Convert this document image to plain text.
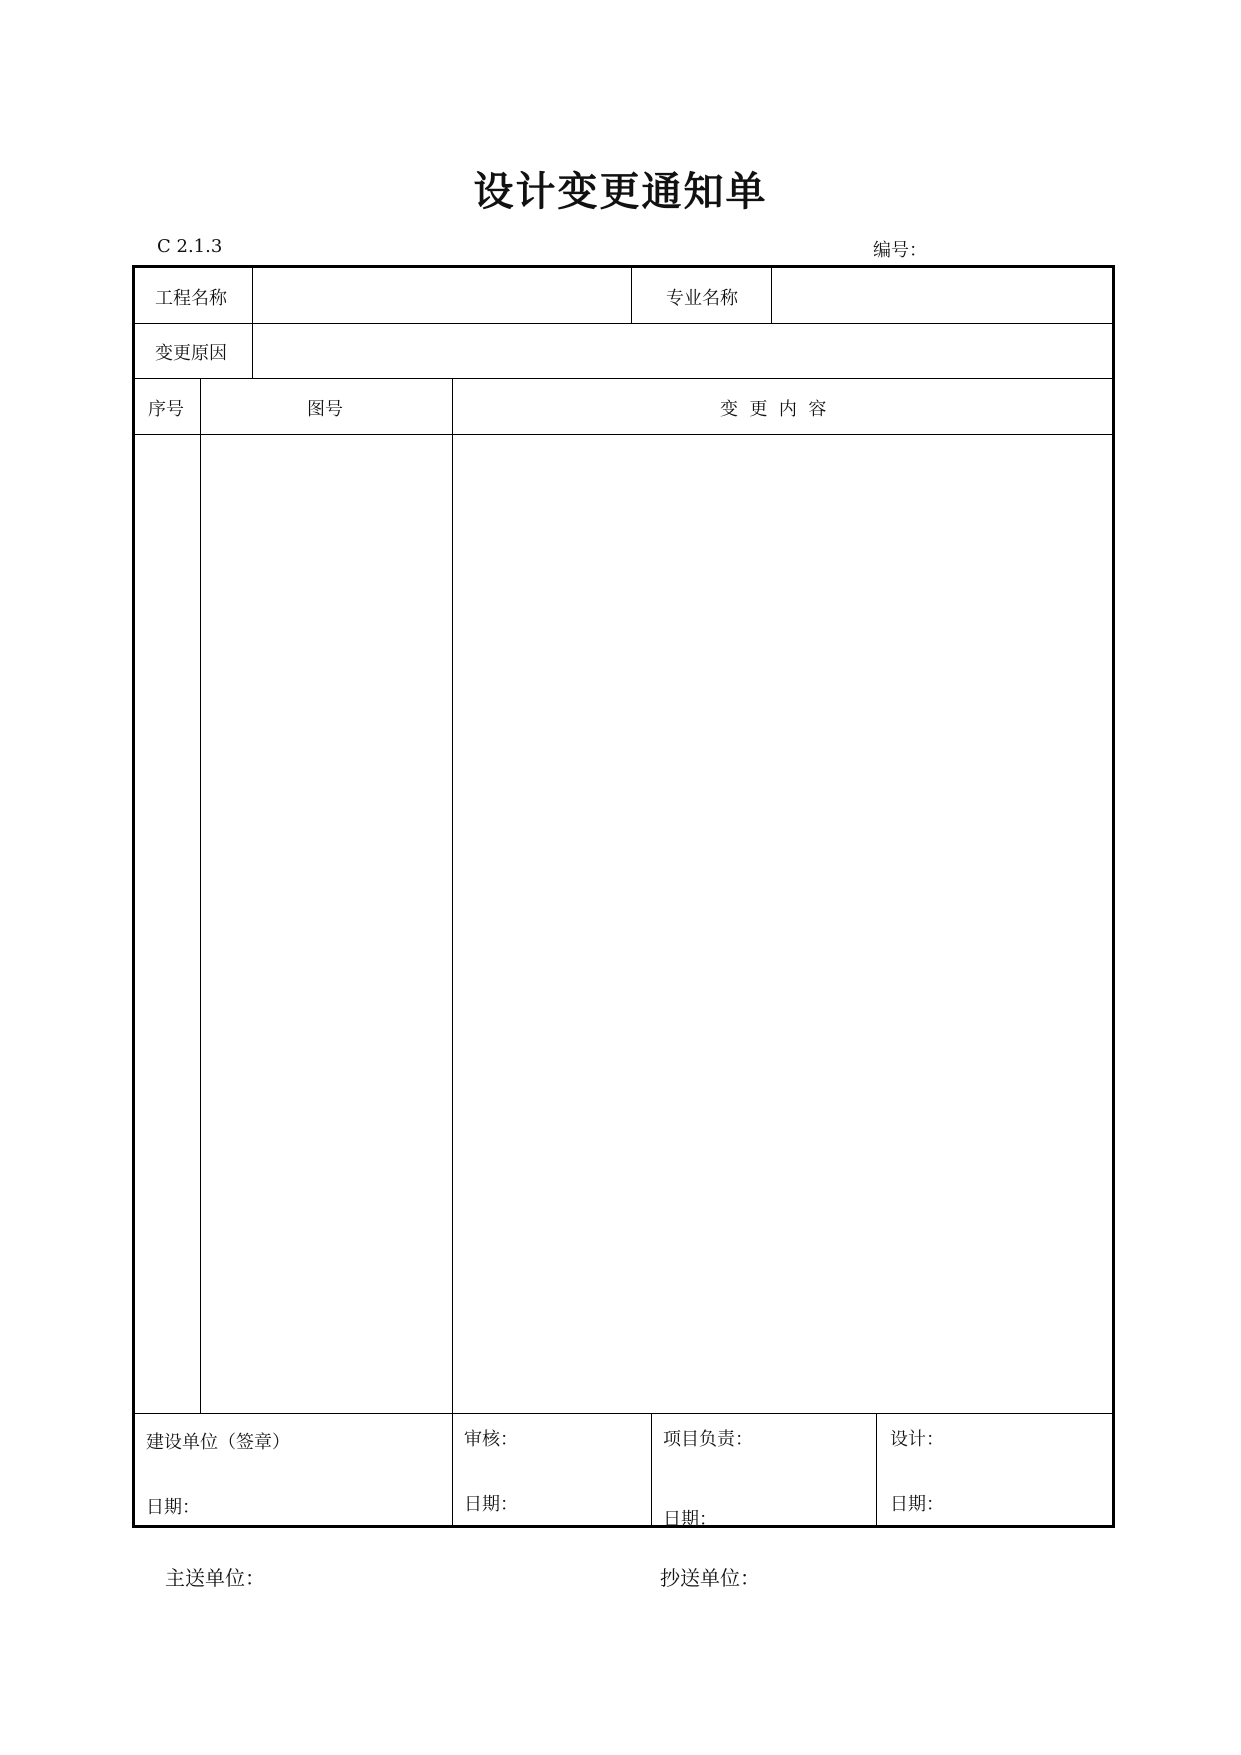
设计变更通知单
C 2.1.3	编号：
工程名称	专业名称
变更原因
序号	图号	变  更  内  容
建设单位（签章）
日期：
审核：
日期：
项目负责：
日期：
设计：
日期：
主送单位：	抄送单位：
